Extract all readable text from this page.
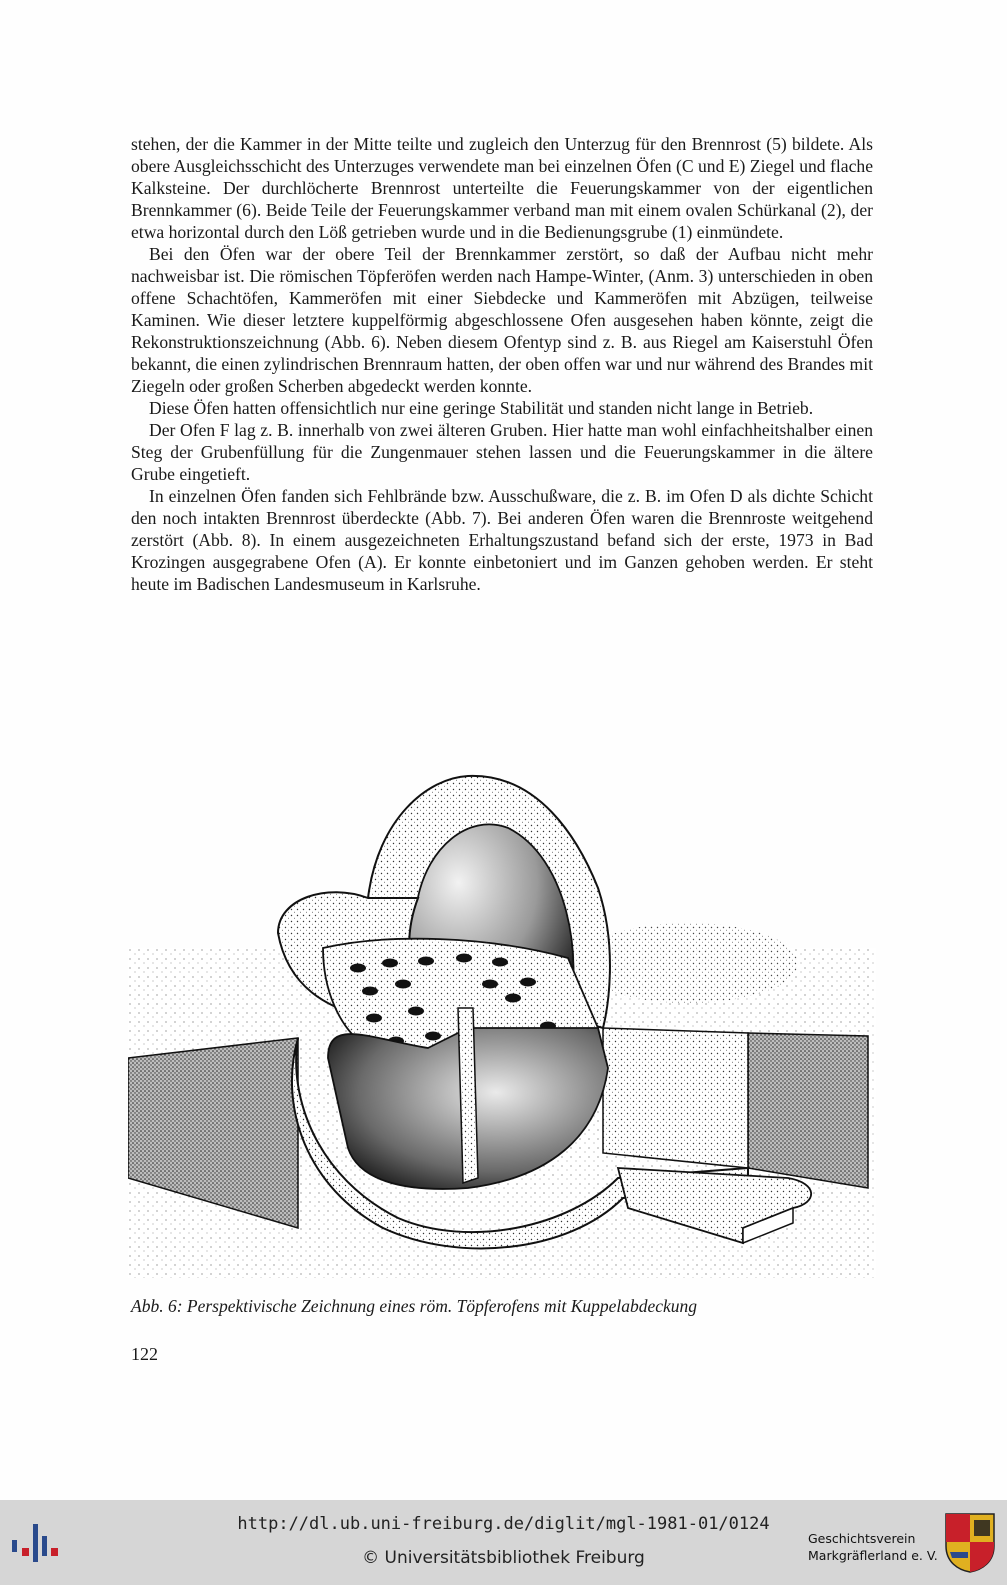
stehen, der die Kammer in der Mitte teilte und zugleich den Unterzug für den Brennrost (5) bildete. Als obere Ausgleichsschicht des Unterzuges verwendete man bei einzelnen Öfen (C und E) Ziegel und flache Kalksteine. Der durchlöcherte Brennrost unterteilte die Feuerungskammer von der eigentlichen Brennkammer (6). Beide Teile der Feuerungskammer verband man mit einem ovalen Schürkanal (2), der etwa horizontal durch den Löß getrieben wurde und in die Bedienungsgrube (1) einmündete.

Bei den Öfen war der obere Teil der Brennkammer zerstört, so daß der Aufbau nicht mehr nachweisbar ist. Die römischen Töpferöfen werden nach Hampe-Winter, (Anm. 3) unterschieden in oben offene Schachtöfen, Kammeröfen mit einer Siebdecke und Kammeröfen mit Abzügen, teilweise Kaminen. Wie dieser letztere kuppelförmig abgeschlossene Ofen ausgesehen haben könnte, zeigt die Rekonstruktionszeichnung (Abb. 6). Neben diesem Ofentyp sind z. B. aus Riegel am Kaiserstuhl Öfen bekannt, die einen zylindrischen Brennraum hatten, der oben offen war und nur während des Brandes mit Ziegeln oder großen Scherben abgedeckt werden konnte.

Diese Öfen hatten offensichtlich nur eine geringe Stabilität und standen nicht lange in Betrieb.

Der Ofen F lag z. B. innerhalb von zwei älteren Gruben. Hier hatte man wohl einfachheitshalber einen Steg der Grubenfüllung für die Zungenmauer stehen lassen und die Feuerungskammer in die ältere Grube eingetieft.

In einzelnen Öfen fanden sich Fehlbrände bzw. Ausschußware, die z. B. im Ofen D als dichte Schicht den noch intakten Brennrost überdeckte (Abb. 7). Bei anderen Öfen waren die Brennroste weitgehend zerstört (Abb. 8). In einem ausgezeichneten Erhaltungszustand befand sich der erste, 1973 in Bad Krozingen ausgegrabene Ofen (A). Er konnte einbetoniert und im Ganzen gehoben werden. Er steht heute im Badischen Landesmuseum in Karlsruhe.

Abb. 6: Perspektivische Zeichnung eines röm. Töpferofens mit Kuppelabdeckung
122
http://dl.ub.uni-freiburg.de/diglit/mgl-1981-01/0124
© Universitätsbibliothek Freiburg
Geschichtsverein
Markgräflerland e. V.
